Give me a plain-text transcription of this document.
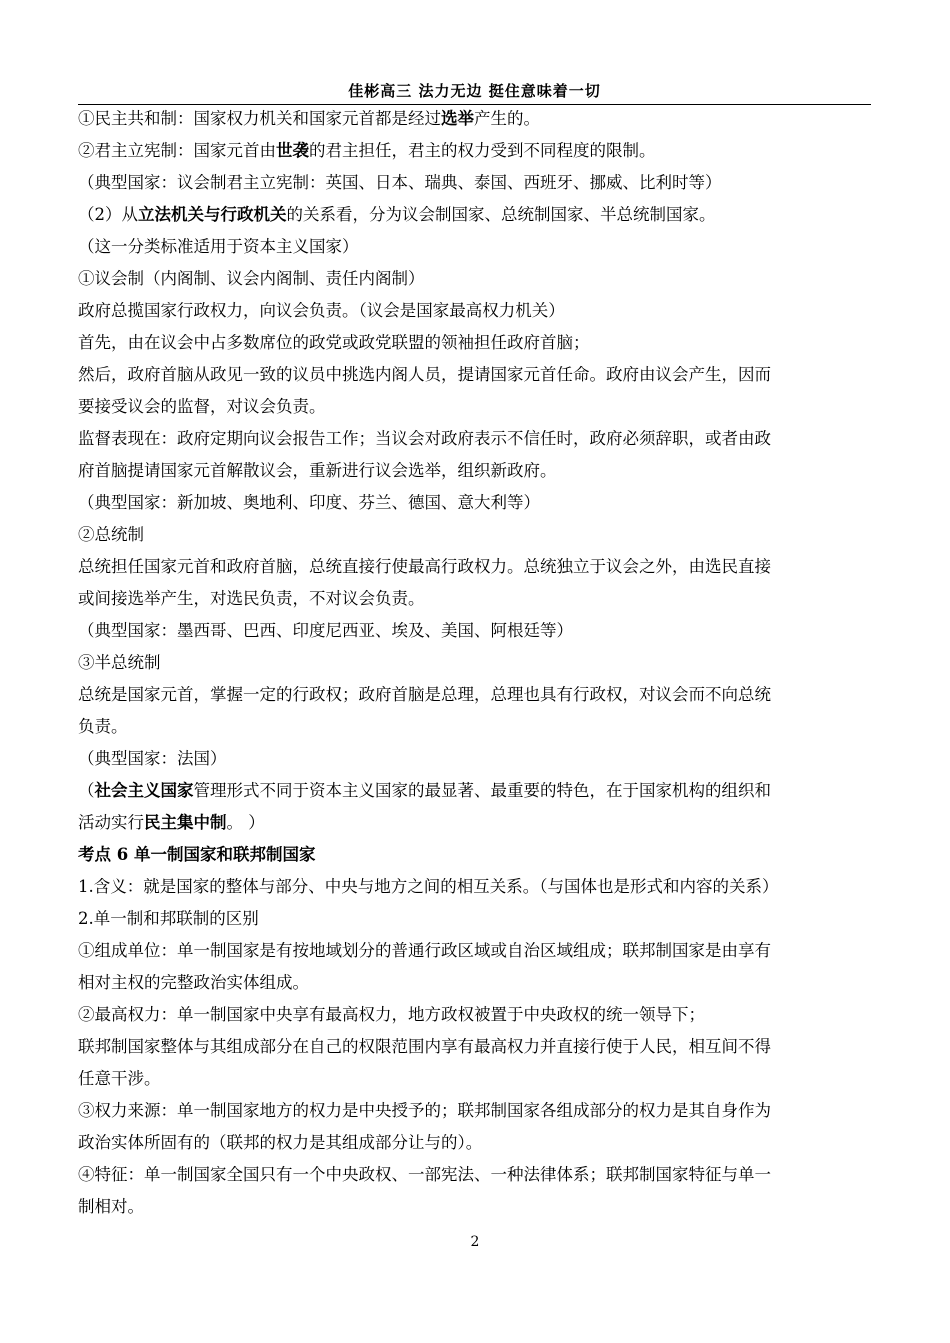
佳彬高三 法力无边 挺住意味着一切
①民主共和制：国家权力机关和国家元首都是经过选举产生的。
②君主立宪制：国家元首由世袭的君主担任，君主的权力受到不同程度的限制。
（典型国家：议会制君主立宪制：英国、日本、瑞典、泰国、西班牙、挪威、比利时等）
（2）从立法机关与行政机关的关系看，分为议会制国家、总统制国家、半总统制国家。
（这一分类标准适用于资本主义国家）
①议会制（内阁制、议会内阁制、责任内阁制）
政府总揽国家行政权力，向议会负责。（议会是国家最高权力机关）
首先，由在议会中占多数席位的政党或政党联盟的领袖担任政府首脑；
然后，政府首脑从政见一致的议员中挑选内阁人员，提请国家元首任命。政府由议会产生，因而
要接受议会的监督，对议会负责。
监督表现在：政府定期向议会报告工作；当议会对政府表示不信任时，政府必须辞职，或者由政
府首脑提请国家元首解散议会，重新进行议会选举，组织新政府。
（典型国家：新加坡、奥地利、印度、芬兰、德国、意大利等）
②总统制
总统担任国家元首和政府首脑，总统直接行使最高行政权力。总统独立于议会之外，由选民直接
或间接选举产生，对选民负责，不对议会负责。
（典型国家：墨西哥、巴西、印度尼西亚、埃及、美国、阿根廷等）
③半总统制
总统是国家元首，掌握一定的行政权；政府首脑是总理，总理也具有行政权，对议会而不向总统
负责。
（典型国家：法国）
（社会主义国家管理形式不同于资本主义国家的最显著、最重要的特色，在于国家机构的组织和
活动实行民主集中制。 ）
考点 6 单一制国家和联邦制国家
1.含义：就是国家的整体与部分、中央与地方之间的相互关系。（与国体也是形式和内容的关系）
2.单一制和邦联制的区别
①组成单位：单一制国家是有按地域划分的普通行政区域或自治区域组成；联邦制国家是由享有
相对主权的完整政治实体组成。
②最高权力：单一制国家中央享有最高权力，地方政权被置于中央政权的统一领导下；
联邦制国家整体与其组成部分在自己的权限范围内享有最高权力并直接行使于人民，相互间不得
任意干涉。
③权力来源：单一制国家地方的权力是中央授予的；联邦制国家各组成部分的权力是其自身作为
政治实体所固有的（联邦的权力是其组成部分让与的）。
④特征：单一制国家全国只有一个中央政权、一部宪法、一种法律体系；联邦制国家特征与单一
制相对。
2
